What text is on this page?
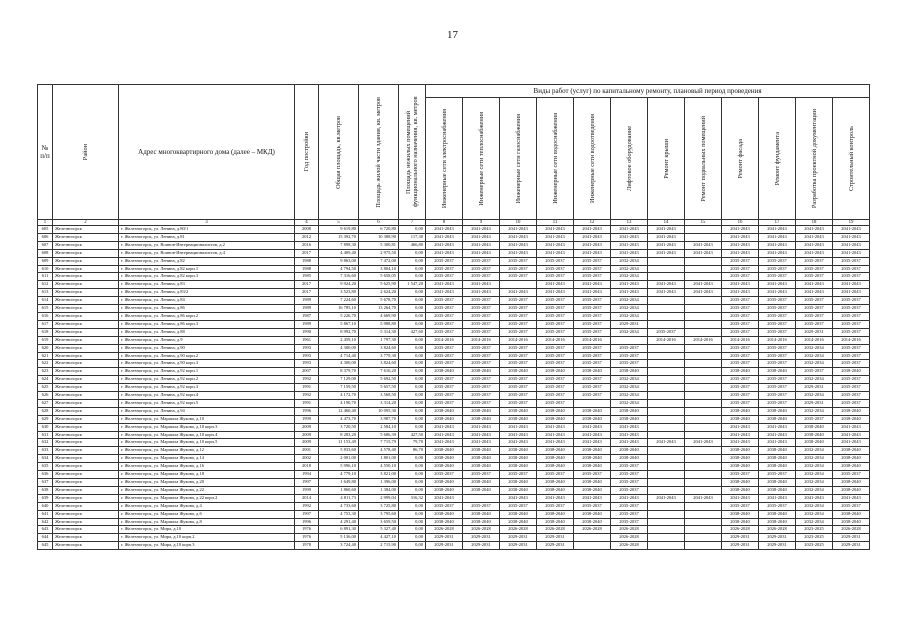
17
№ п/п	Район	Адрес многоквартирного дома (далее – МКД)	Год постройки	Общая площадь, кв.метров	Площадь жилой части здания, кв. метров	Площадь нежилых помещений функционального назначения, кв. метров	Виды работ (услуг) по капитальному ремонту, плановый период проведения											

							Инженерные сети электроснабжения	Инженерные сети теплоснабжения	Инженерные сети газоснабжения	Инженерные сети водоснабжения	Инженерные сети водоотведения	Лифтовое оборудование	Ремонт крыши	Ремонт подвальных помещений	Ремонт фасада	Ремонт фундамента	Разработка проектной документации	Строительный контроль

1	2	3	4	5	6	7	8	9	10	11	12	13	14	15	16	17	18	19
605	Железногорск	г. Железногорск, ул. Ленина, д.80/1	2008	9 619,80	6 720,80	0,00	2041-2043	2041-2043	2041-2043	2041-2043	2041-2043	2041-2043	2041-2043		2041-2043	2041-2043	2041-2043	2041-2043
606	Железногорск	г. Железногорск, ул. Ленина, д.81	2012	15 392,70	10 388,90	117,30	2041-2043	2041-2043	2041-2043	2041-2043	2041-2043	2041-2043	2041-2043		2041-2043	2041-2043	2041-2043	2041-2043
607	Железногорск	г. Железногорск, ул. Воинов-Интернационалистов, д.2	2016	7 898,30	5 300,81	466,80	2041-2043	2041-2043	2041-2043	2041-2043	2041-2043	2041-2043	2041-2043	2041-2043	2041-2043	2041-2043	2041-2043	2041-2043
608	Железногорск	г. Железногорск, ул. Воинов-Интернационалистов, д.4	2017	4 409,40	2 975,50	0,00	2041-2043	2041-2043	2041-2043	2041-2043	2041-2043	2041-2043	2041-2043	2041-2043	2041-2043	2041-2043	2041-2043	2041-2043
609	Железногорск	г. Железногорск, ул. Ленина, д.82	1988	9 863,00	7 472,00	0,00	2035-2037	2035-2037	2035-2037	2035-2037	2035-2037	2032-2034			2035-2037	2035-2037	2035-2037	2035-2037
610	Железногорск	г. Железногорск, ул. Ленина, д.82 корп.1	1988	4 794,50	3 804,10	0,00	2035-2037	2035-2037	2035-2037	2035-2037	2035-2037	2032-2034			2035-2037	2035-2037	2035-2037	2035-2037
611	Железногорск	г. Железногорск, ул. Ленина, д.82 корп.3	1985	7 316,60	5 658,05	0,00	2035-2037	2035-2037	2035-2037	2035-2037	2035-2037	2032-2034			2035-2037	2035-2037	2035-2037	2035-2037
612	Железногорск	г. Железногорск, ул. Ленина, д.83	2017	9 924,20	5 625,90	1 547,20	2041-2043	2041-2043		2041-2043	2041-2043	2041-2043	2041-2043	2041-2043	2041-2043	2041-2043	2041-2043	2041-2043
613	Железногорск	г. Железногорск, ул. Ленина, д.83/2	2017	3 523,80	2 624,20	0,00	2041-2043	2041-2043	2041-2043	2041-2043	2041-2043	2041-2043	2041-2043	2041-2043	2041-2043	2041-2043	2041-2043	2041-2043
614	Железногорск	г. Железногорск, ул. Ленина, д.84	1989	7 224,60	5 678,70	0,00	2035-2037	2035-2037	2035-2037	2035-2037	2035-2037	2032-2034			2035-2037	2035-2037	2035-2037	2035-2037
615	Железногорск	г. Железногорск, ул. Ленина, д.86	1989	16 785,10	13 264,70	0,00	2035-2037	2035-2037	2035-2037	2035-2037	2035-2037	2032-2034			2035-2037	2035-2037	2035-2037	2035-2037
616	Железногорск	г. Железногорск, ул. Ленина, д.86 корп.2	1987	5 226,70	4 669,90	0,00	2035-2037	2035-2037	2035-2037	2035-2037	2035-2037	2032-2034			2035-2037	2035-2037	2035-2037	2035-2037
617	Железногорск	г. Железногорск, ул. Ленина, д.86 корп.3	1989	5 867,10	5 988,80	0,00	2035-2037	2035-2037	2035-2037	2035-2037	2035-2037	2029-2031			2035-2037	2035-2037	2035-2037	2035-2037
618	Железногорск	г. Железногорск, ул. Ленина, д.88	1990	8 992,70	5 314,30	427,60	2035-2037	2035-2037	2035-2037	2035-2037	2035-2037	2032-2034	2035-2037		2035-2037	2035-2037	2029-2031	2035-2037
619	Железногорск	г. Железногорск, ул. Ленина, д.9	1961	2 459,10	1 797,30	0,00	2014-2016	2014-2016	2014-2016	2014-2016	2014-2016		2014-2016	2014-2016	2014-2016	2014-2016	2014-2016	2014-2016
620	Железногорск	г. Железногорск, ул. Ленина, д.90	1993	4 300,00	3 824,60	0,00	2035-2037	2035-2037	2035-2037	2035-2037	2035-2037	2035-2037			2035-2037	2035-2037	2032-2034	2035-2037
621	Железногорск	г. Железногорск, ул. Ленина, д.90 корп.2	1993	4 714,40	3 779,30	0,00	2035-2037	2035-2037	2035-2037	2035-2037	2035-2037	2035-2037			2035-2037	2035-2037	2032-2034	2035-2037
622	Железногорск	г. Железногорск, ул. Ленина, д.90 корп.3	1993	4 300,00	3 824,60	0,00	2035-2037	2035-2037	2035-2037	2035-2037	2035-2037	2035-2037			2035-2037	2035-2037	2032-2034	2035-2037
623	Железногорск	г. Железногорск, ул. Ленина, д.92 корп.1	2007	8 379,70	7 616,20	0,00	2038-2040	2038-2040	2038-2040	2038-2040	2038-2040	2038-2040			2038-2040	2038-2040	2035-2037	2038-2040
624	Железногорск	г. Железногорск, ул. Ленина, д.92 корп.2	1992	7 129,00	5 692,50	0,00	2035-2037	2035-2037	2035-2037	2035-2037	2035-2037	2032-2034			2035-2037	2035-2037	2032-2034	2035-2037
625	Железногорск	г. Железногорск, ул. Ленина, д.92 корп.3	1991	7 159,50	5 657,50	0,00	2035-2037	2035-2037	2035-2037	2035-2037	2035-2037	2032-2034			2035-2037	2035-2037	2029-2031	2035-2037
626	Железногорск	г. Железногорск, ул. Ленина, д.92 корп.4	1992	4 172,70	3 568,50	0,00	2035-2037	2035-2037	2035-2037	2035-2037	2035-2037	2032-2034			2035-2037	2035-2037	2032-2034	2035-2037
627	Железногорск	г. Железногорск, ул. Ленина, д.92 корп.5	1991	4 190,70	3 314,20	0,00	2035-2037	2035-2037	2035-2037	2035-2037		2032-2034			2035-2037	2035-2037	2029-2031	2035-2037
628	Железногорск	г. Железногорск, ул. Ленина, д.94	1996	12 460,40	10 095,30	0,00	2038-2040	2038-2040	2038-2040	2038-2040	2038-2040	2038-2040			2038-2040	2038-2040	2032-2034	2038-2040
629	Железногорск	г. Железногорск, ул. Маршала Жукова, д.10	1999	4 473,70	3 987,70	0,00	2038-2040	2038-2040	2038-2040	2038-2040	2038-2040	2038-2040			2038-2040	2038-2040	2035-2037	2038-2040
630	Железногорск	г. Железногорск, ул. Маршала Жукова, д.10 корп.3	2009	3 720,50	2 584,10	0,00	2041-2043	2041-2043	2041-2043	2041-2043	2041-2043	2041-2043			2041-2043	2041-2043	2038-2040	2041-2043
631	Железногорск	г. Железногорск, ул. Маршала Жукова, д.10 корп.4	2009	8 283,20	5 686,39	427,50	2041-2043	2041-2043	2041-2043	2041-2043	2041-2043	2041-2043			2041-2043	2041-2043	2038-2040	2041-2043
632	Железногорск	г. Железногорск, ул. Маршала Жукова, д.10 корп.5	2009	11 153,49	7 715,79	79,70	2041-2043	2041-2043	2041-2043	2041-2043	2041-2043	2041-2043	2041-2043	2041-2043	2041-2043	2041-2043	2038-2040	2041-2043
633	Железногорск	г. Железногорск, ул. Маршала Жукова, д.12	2001	5 833,60	4 578,40	86,70	2038-2040	2038-2040	2038-2040	2038-2040	2038-2040	2038-2040			2038-2040	2038-2040	2032-2034	2038-2040
634	Железногорск	г. Железногорск, ул. Маршала Жукова, д.14	2002	2 001,00	1 801,00	0,00	2038-2040	2038-2040	2038-2040	2038-2040	2038-2040	2038-2040			2038-2040	2038-2040	2032-2034	2038-2040
635	Железногорск	г. Железногорск, ул. Маршала Жукова, д.16	2018	5 996,10	4 550,10	0,00	2038-2040	2038-2040	2038-2040	2038-2040	2038-2040	2035-2037			2038-2040	2038-2040	2032-2034	2038-2040
636	Железногорск	г. Железногорск, ул. Маршала Жукова, д.18	1994	4 779,10	3 821,00	0,00	2035-2037	2035-2037	2035-2037	2035-2037	2035-2037	2035-2037			2035-2037	2035-2037	2032-2034	2035-2037
637	Железногорск	г. Железногорск, ул. Маршала Жукова, д.20	1997	1 649,80	1 396,00	0,00	2038-2040	2038-2040	2038-2040	2038-2040	2038-2040	2035-2037			2038-2040	2038-2040	2032-2034	2038-2040
638	Железногорск	г. Железногорск, ул. Маршала Жукова, д.22	1999	1 860,60	1 384,00	0,00	2038-2040	2038-2040	2038-2040	2038-2040	2038-2040	2035-2037			2038-2040	2038-2040	2032-2034	2038-2040
639	Железногорск	г. Железногорск, ул. Маршала Жукова, д.22 корп.2	2014	4 811,73	2 999,04	316,32	2041-2043		2041-2043	2041-2043	2041-2043	2041-2043	2041-2043	2041-2043	2041-2043	2041-2043	2041-2043	2041-2043
640	Железногорск	г. Железногорск, ул. Маршала Жукова, д.4	1992	4 733,60	3 725,80	0,00	2035-2037	2035-2037	2035-2037	2035-2037	2035-2037	2035-2037			2035-2037	2035-2037	2032-2034	2035-2037
641	Железногорск	г. Железногорск, ул. Маршала Жукова, д.6	1997	4 753,30	3 795,60	0,00	2038-2040	2038-2040	2038-2040	2038-2040	2038-2040	2035-2037			2038-2040	2038-2040	2032-2034	2038-2040
642	Железногорск	г. Железногорск, ул. Маршала Жукова, д.8	1996	4 291,40	3 659,50	0,00	2038-2040	2038-2040	2038-2040	2038-2040	2038-2040	2035-2037			2038-2040	2038-2040	2032-2034	2038-2040
643	Железногорск	г. Железногорск, ул. Мира, д.10	1976	6 891,30	5 327,40	0,00	2026-2028	2026-2028	2026-2028	2026-2028	2026-2028	2026-2028			2026-2028	2026-2028	2023-2025	2026-2028
644	Железногорск	г. Железногорск, ул. Мира, д.10 корп.2	1976	5 136,00	4 427,10	0,00	2029-2031	2029-2031	2029-2031	2029-2031		2026-2028			2029-2031	2029-2031	2023-2025	2029-2031
645	Железногорск	г. Железногорск, ул. Мира, д.10 корп.3	1978	3 724,40	2 715,90	0,00	2029-2031	2029-2031	2029-2031	2029-2031		2026-2028			2029-2031	2029-2031	2023-2025	2029-2031
